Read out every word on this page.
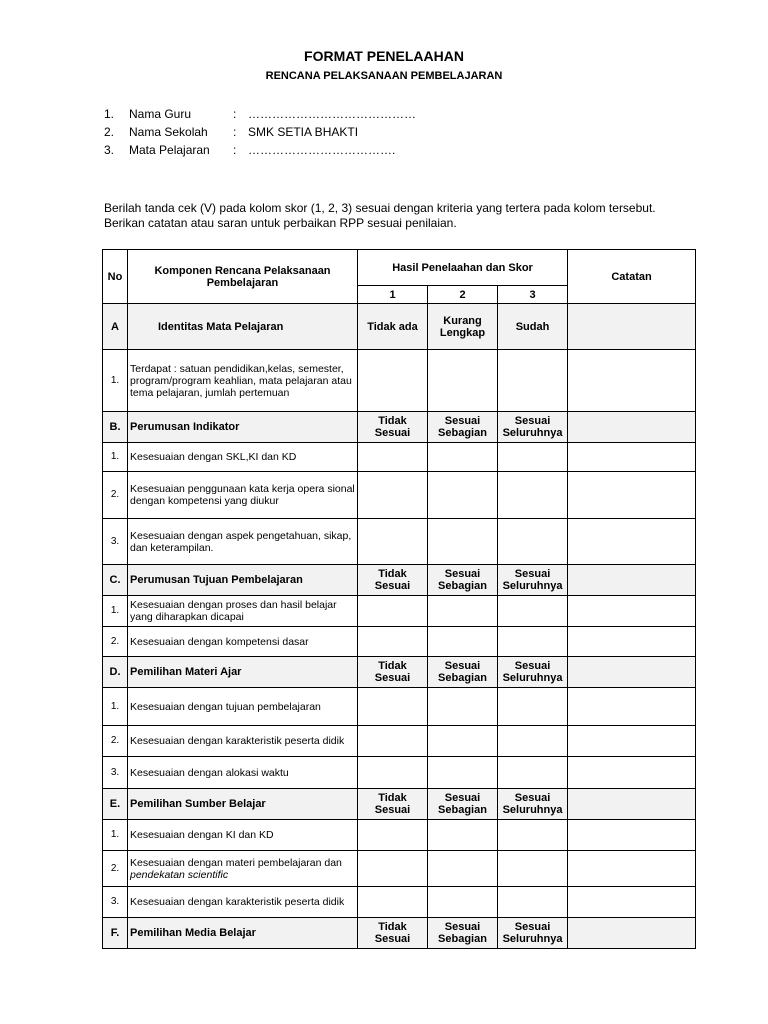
FORMAT PENELAAHAN
RENCANA PELAKSANAAN PEMBELAJARAN
1.	Nama Guru	: ……………………………………
2.	Nama Sekolah	: SMK SETIA BHAKTI
3.	Mata Pelajaran	: ……………………………….
Berilah tanda cek (V) pada kolom skor (1, 2, 3) sesuai dengan kriteria yang tertera pada kolom tersebut. Berikan catatan atau saran untuk perbaikan RPP sesuai penilaian.
No	Komponen Rencana Pelaksanaan Pembelajaran	Hasil Penelaahan dan Skor			Catatan
		1	2	3	
A	Identitas Mata Pelajaran	Tidak ada	Kurang Lengkap	Sudah	
1.	Terdapat : satuan pendidikan,kelas, semester, program/program keahlian, mata pelajaran atau tema pelajaran, jumlah pertemuan				
B.	Perumusan Indikator	Tidak Sesuai	Sesuai Sebagian	Sesuai Seluruhnya	
1.	Kesesuaian dengan SKL,KI dan KD				
2.	Kesesuaian penggunaan kata kerja opera sional dengan kompetensi yang diukur				
3.	Kesesuaian dengan aspek pengetahuan, sikap, dan keterampilan.				
C.	Perumusan Tujuan Pembelajaran	Tidak Sesuai	Sesuai Sebagian	Sesuai Seluruhnya	
1.	Kesesuaian dengan proses dan hasil belajar yang diharapkan dicapai				
2.	Kesesuaian dengan kompetensi dasar				
D.	Pemilihan Materi Ajar	Tidak Sesuai	Sesuai Sebagian	Sesuai Seluruhnya	
1.	Kesesuaian dengan tujuan pembelajaran				
2.	Kesesuaian dengan karakteristik peserta didik				
3.	Kesesuaian dengan alokasi waktu				
E.	Pemilihan Sumber Belajar	Tidak Sesuai	Sesuai Sebagian	Sesuai Seluruhnya	
1.	Kesesuaian dengan KI dan KD				
2.	Kesesuaian dengan materi pembelajaran dan pendekatan scientific				
3.	Kesesuaian dengan karakteristik peserta didik				
F.	Pemilihan Media Belajar	Tidak Sesuai	Sesuai Sebagian	Sesuai Seluruhnya	
